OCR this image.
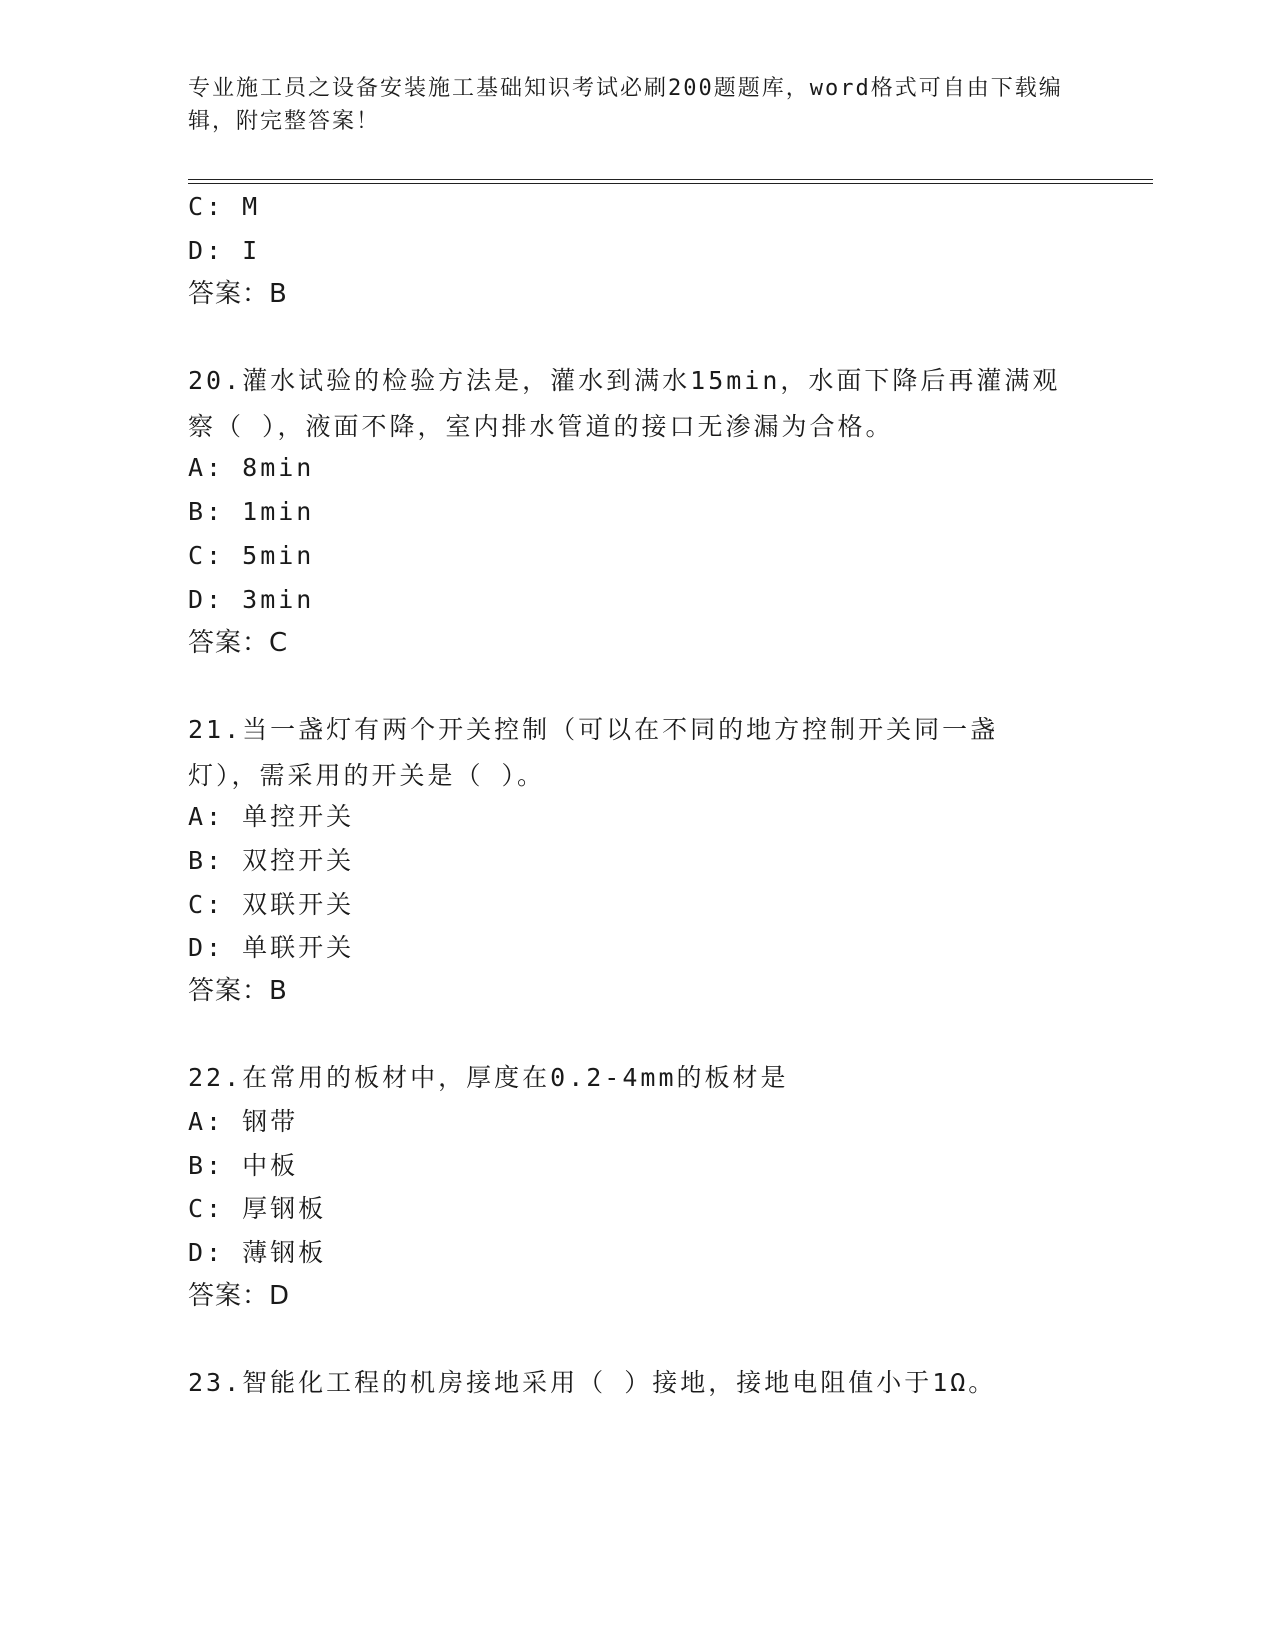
专业施工员之设备安装施工基础知识考试必刷200题题库，word格式可自由下载编辑，附完整答案！
C: M
D: I
答案：B
20.灌水试验的检验方法是，灌水到满水15min，水面下降后再灌满观察（ ），液面不降，室内排水管道的接口无渗漏为合格。
A: 8min
B: 1min
C: 5min
D: 3min
答案：C
21.当一盏灯有两个开关控制（可以在不同的地方控制开关同一盏灯），需采用的开关是（ ）。
A: 单控开关
B: 双控开关
C: 双联开关
D: 单联开关
答案：B
22.在常用的板材中，厚度在0.2-4mm的板材是
A: 钢带
B: 中板
C: 厚钢板
D: 薄钢板
答案：D
23.智能化工程的机房接地采用（ ）接地，接地电阻值小于1Ω。
